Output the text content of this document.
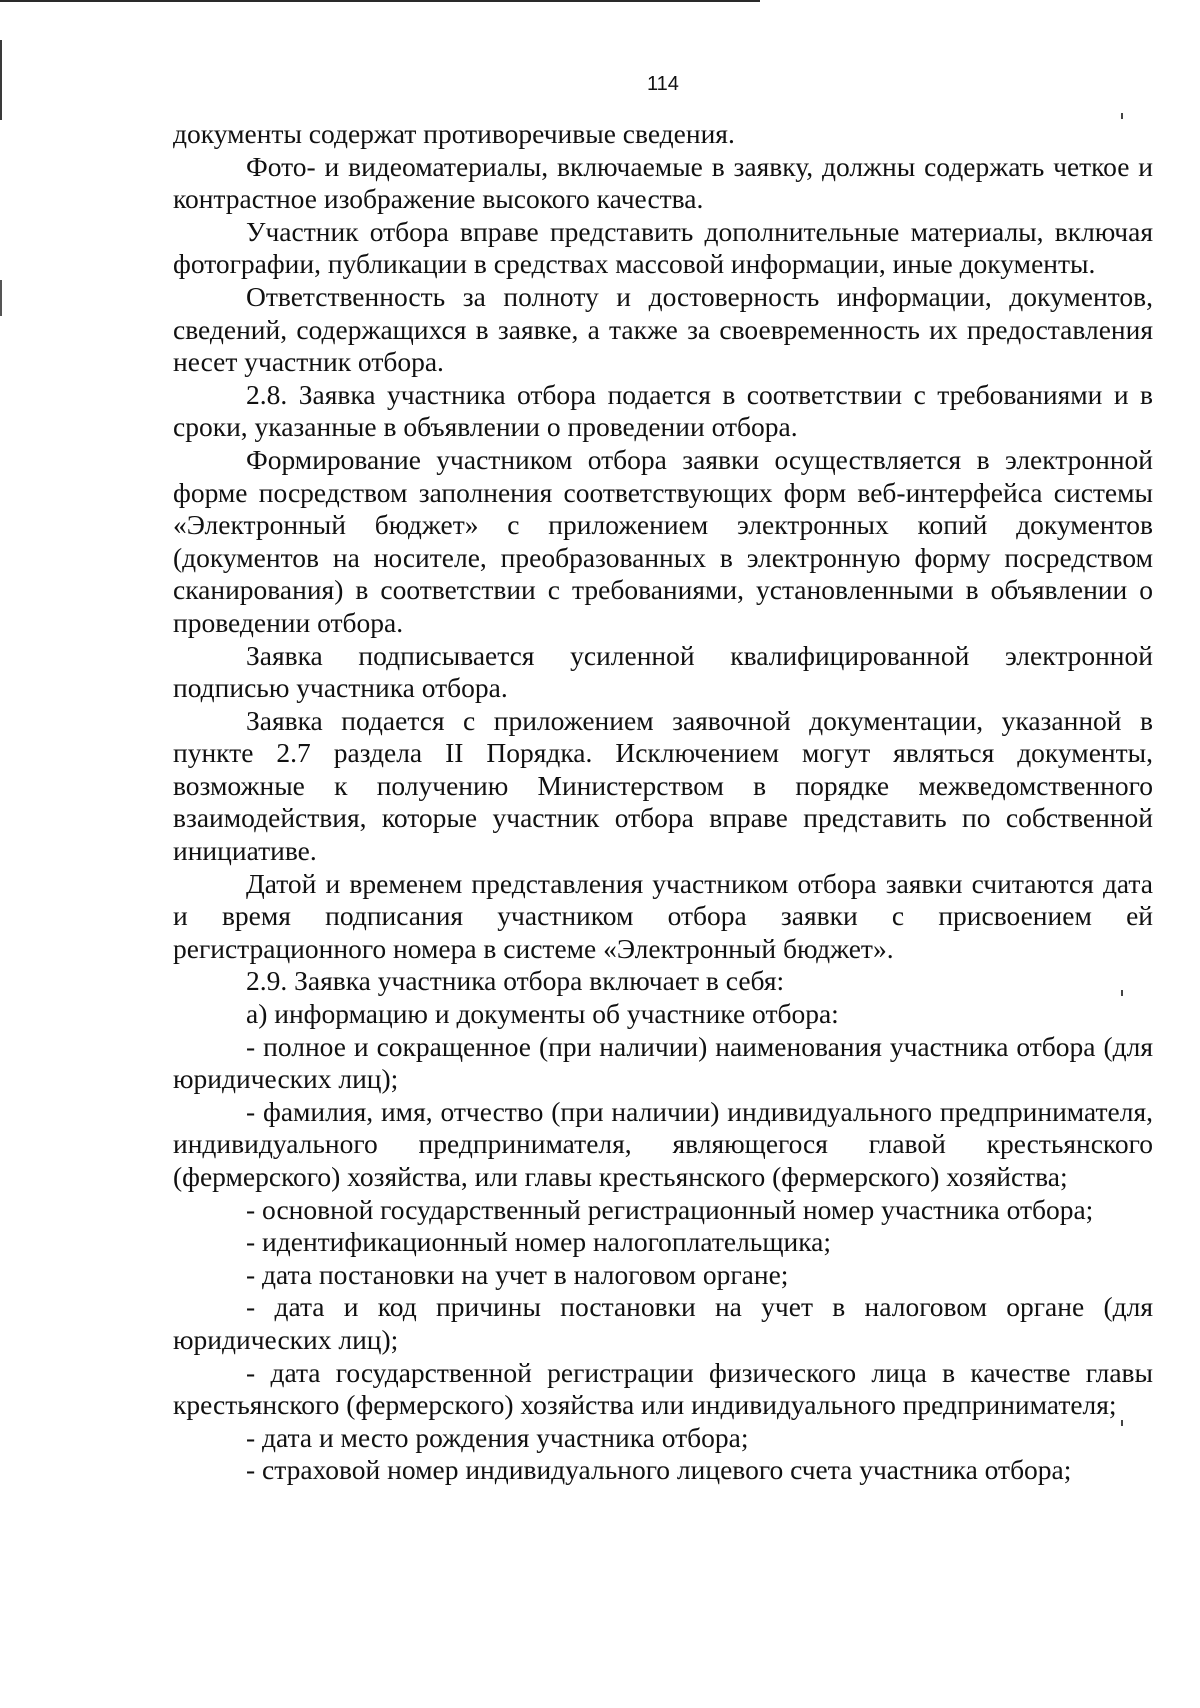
114

документы содержат противоречивые сведения.

Фото- и видеоматериалы, включаемые в заявку, должны содержать четкое и контрастное изображение высокого качества.

Участник отбора вправе представить дополнительные материалы, включая фотографии, публикации в средствах массовой информации, иные документы.

Ответственность за полноту и достоверность информации, документов, сведений, содержащихся в заявке, а также за своевременность их предоставления несет участник отбора.

2.8. Заявка участника отбора подается в соответствии с требованиями и в сроки, указанные в объявлении о проведении отбора.

Формирование участником отбора заявки осуществляется в электронной форме посредством заполнения соответствующих форм веб-интерфейса системы «Электронный бюджет» с приложением электронных копий документов (документов на носителе, преобразованных в электронную форму посредством сканирования) в соответствии с требованиями, установленными в объявлении о проведении отбора.

Заявка подписывается усиленной квалифицированной электронной подписью участника отбора.

Заявка подается с приложением заявочной документации, указанной в пункте 2.7 раздела II Порядка. Исключением могут являться документы, возможные к получению Министерством в порядке межведомственного взаимодействия, которые участник отбора вправе представить по собственной инициативе.

Датой и временем представления участником отбора заявки считаются дата и время подписания участником отбора заявки с присвоением ей регистрационного номера в системе «Электронный бюджет».

2.9. Заявка участника отбора включает в себя:

а) информацию и документы об участнике отбора:

- полное и сокращенное (при наличии) наименования участника отбора (для юридических лиц);

- фамилия, имя, отчество (при наличии) индивидуального предпринимателя, индивидуального предпринимателя, являющегося главой крестьянского (фермерского) хозяйства, или главы крестьянского (фермерского) хозяйства;

- основной государственный регистрационный номер участника отбора;

- идентификационный номер налогоплательщика;

- дата постановки на учет в налоговом органе;

- дата и код причины постановки на учет в налоговом органе (для юридических лиц);

- дата государственной регистрации физического лица в качестве главы крестьянского (фермерского) хозяйства или индивидуального предпринимателя;

- дата и место рождения участника отбора;

- страховой номер индивидуального лицевого счета участника отбора;
